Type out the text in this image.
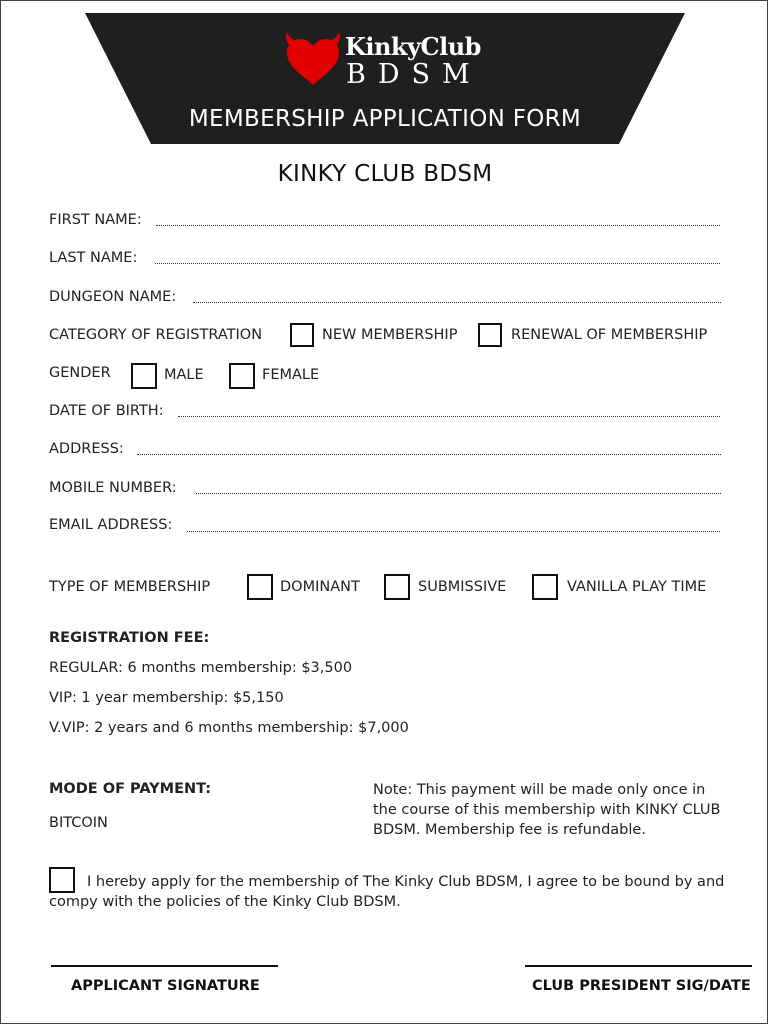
KinkyClub
BDSM
MEMBERSHIP APPLICATION FORM
KINKY CLUB BDSM
FIRST NAME:
LAST NAME:
DUNGEON NAME:
CATEGORY OF REGISTRATION	NEW MEMBERSHIP	RENEWAL OF MEMBERSHIP
GENDER	MALE	FEMALE
DATE OF BIRTH:
ADDRESS:
MOBILE NUMBER:
EMAIL ADDRESS:
TYPE OF MEMBERSHIP	DOMINANT	SUBMISSIVE	VANILLA PLAY TIME
REGISTRATION FEE:
REGULAR: 6 months membership: $3,500
VIP: 1 year membership: $5,150
V.VIP: 2 years and 6 months membership: $7,000
MODE OF PAYMENT:
BITCOIN
Note: This payment will be made only once in the course of this membership with KINKY CLUB BDSM. Membership fee is refundable.
I hereby apply for the membership of The Kinky Club BDSM, I agree to be bound by and compy with the policies of the Kinky Club BDSM.
APPLICANT SIGNATURE	CLUB PRESIDENT SIG/DATE
